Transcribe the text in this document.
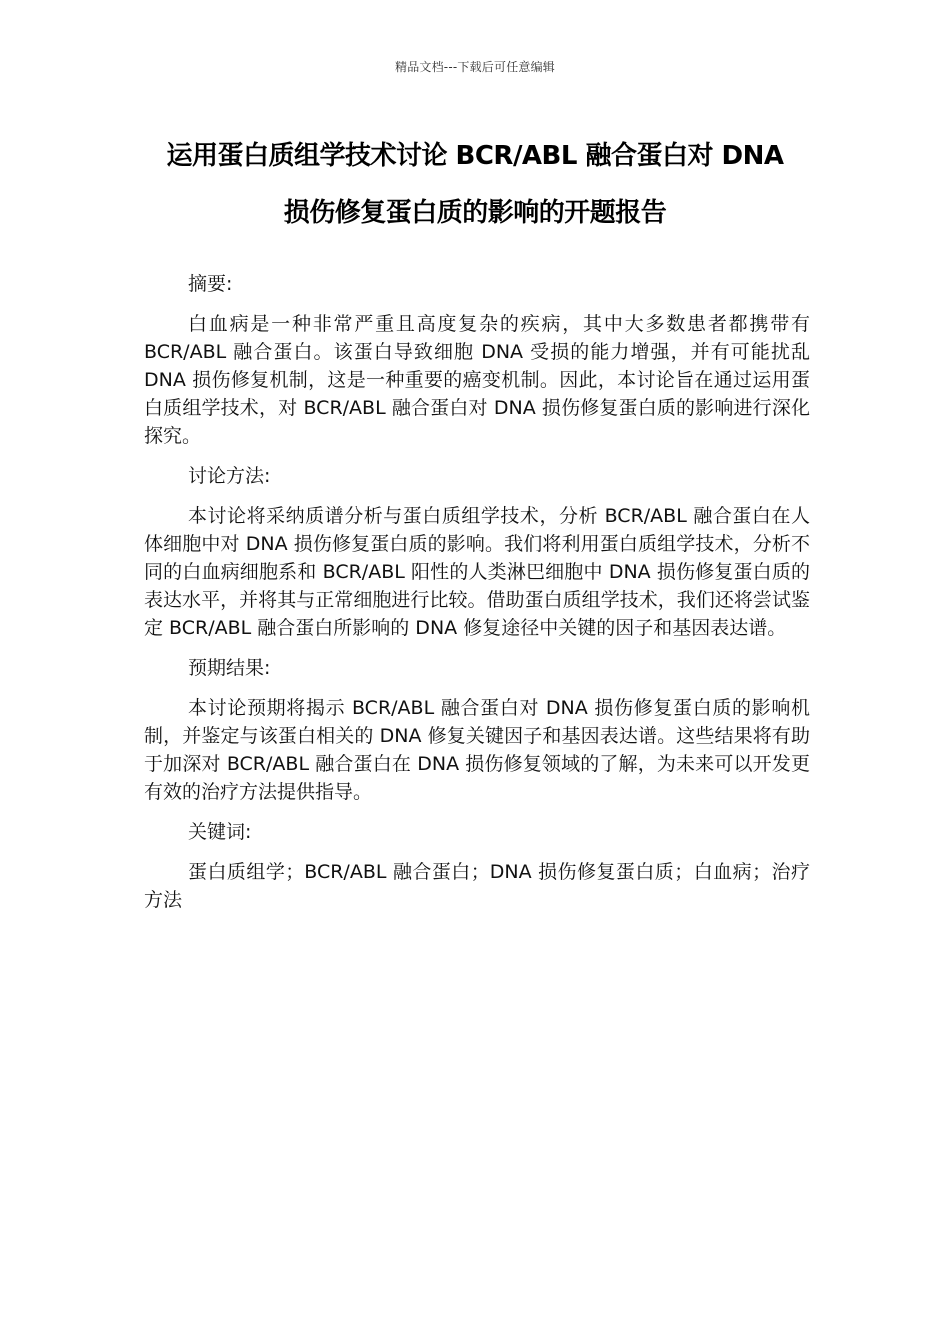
精品文档---下载后可任意编辑
运用蛋白质组学技术讨论 BCR/ABL 融合蛋白对 DNA
损伤修复蛋白质的影响的开题报告

摘要:

白血病是一种非常严重且高度复杂的疾病，其中大多数患者都携带有 BCR/ABL 融合蛋白。该蛋白导致细胞 DNA 受损的能力增强，并有可能扰乱 DNA 损伤修复机制，这是一种重要的癌变机制。因此，本讨论旨在通过运用蛋白质组学技术，对 BCR/ABL 融合蛋白对 DNA 损伤修复蛋白质的影响进行深化探究。

讨论方法:

本讨论将采纳质谱分析与蛋白质组学技术，分析 BCR/ABL 融合蛋白在人体细胞中对 DNA 损伤修复蛋白质的影响。我们将利用蛋白质组学技术，分析不同的白血病细胞系和 BCR/ABL 阳性的人类淋巴细胞中 DNA 损伤修复蛋白质的表达水平，并将其与正常细胞进行比较。借助蛋白质组学技术，我们还将尝试鉴定 BCR/ABL 融合蛋白所影响的 DNA 修复途径中关键的因子和基因表达谱。

预期结果:

本讨论预期将揭示 BCR/ABL 融合蛋白对 DNA 损伤修复蛋白质的影响机制，并鉴定与该蛋白相关的 DNA 修复关键因子和基因表达谱。这些结果将有助于加深对 BCR/ABL 融合蛋白在 DNA 损伤修复领域的了解，为未来可以开发更有效的治疗方法提供指导。

关键词:

蛋白质组学；BCR/ABL 融合蛋白；DNA 损伤修复蛋白质；白血病；治疗方法
